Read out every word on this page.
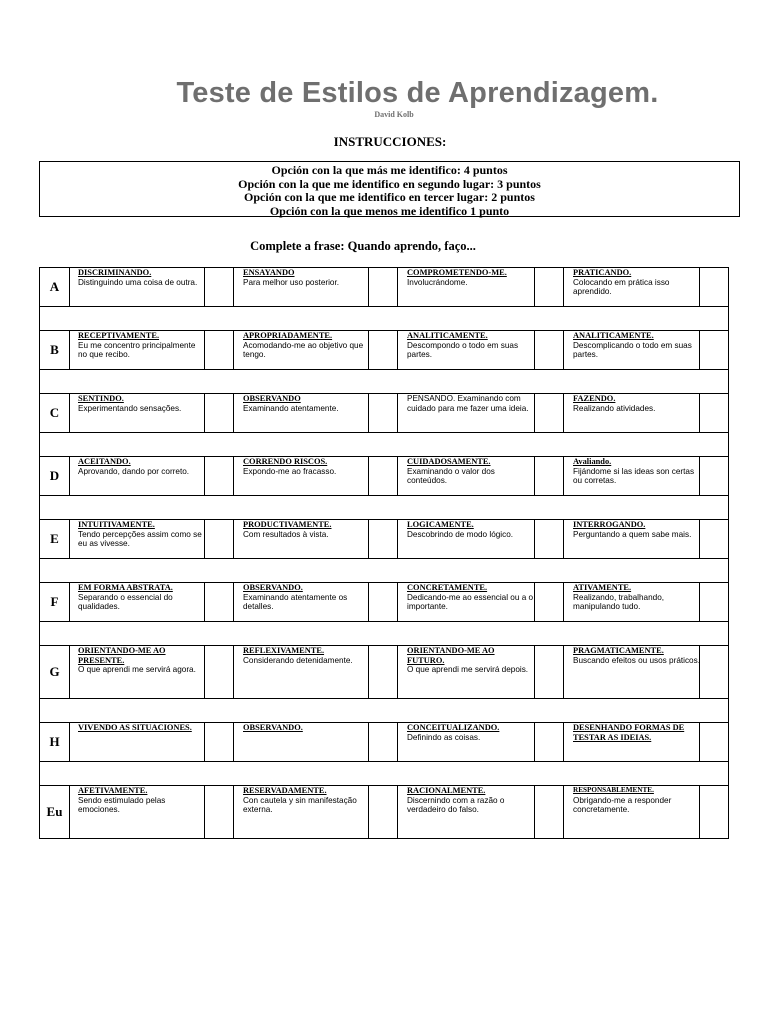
Teste de Estilos de Aprendizagem.
David Kolb
INSTRUCCIONES:
Opción con la que más me identifico: 4 puntos
Opción con la que me identifico en segundo lugar: 3 puntos
Opción con la que me identifico en tercer lugar: 2 puntos
Opción con la que menos me identifico 1 punto
Complete a frase: Quando aprendo, faço...
A
DISCRIMINANDO.
Distinguindo uma coisa de outra.
ENSAYANDO
Para melhor uso posterior.
COMPROMETENDO-ME.
Involucrándome.
PRATICANDO.
Colocando em prática isso aprendido.
B
RECEPTIVAMENTE.
Eu me concentro principalmente no que recibo.
APROPRIADAMENTE.
Acomodando-me ao objetivo que tengo.
ANALITICAMENTE.
Descompondo o todo em suas partes.
ANALITICAMENTE.
Descomplicando o todo em suas partes.
C
SENTINDO.
Experimentando sensações.
OBSERVANDO
Examinando atentamente.
PENSANDO. Examinando com cuidado para me fazer uma ideia.
FAZENDO.
Realizando atividades.
D
ACEITANDO.
Aprovando, dando por correto.
CORRENDO RISCOS.
Expondo-me ao fracasso.
CUIDADOSAMENTE.
Examinando o valor dos conteúdos.
Avaliando.
Fijándome si las ideas son certas ou corretas.
E
INTUITIVAMENTE.
Tendo percepções assim como se eu as vivesse.
PRODUCTIVAMENTE.
Com resultados à vista.
LOGICAMENTE.
Descobrindo de modo lógico.
INTERROGANDO.
Perguntando a quem sabe mais.
F
EM FORMA ABSTRATA.
Separando o essencial do qualidades.
OBSERVANDO.
Examinando atentamente os detalles.
CONCRETAMENTE.
Dedicando-me ao essencial ou a o importante.
ATIVAMENTE.
Realizando, trabalhando, manipulando tudo.
G
ORIENTANDO-ME AO PRESENTE.
O que aprendi me servirá agora.
REFLEXIVAMENTE.
Considerando detenidamente.
ORIENTANDO-ME AO FUTURO.
O que aprendi me servirá depois.
PRAGMATICAMENTE.
Buscando efeitos ou usos práticos.
H
VIVENDO AS SITUACIONES.	OBSERVANDO.	CONCEITUALIZANDO.
Definindo as coisas.
DESENHANDO FORMAS DE TESTAR AS IDEIAS.
Eu
AFETIVAMENTE.
Sendo estimulado pelas emociones.
RESERVADAMENTE.
Con cautela y sin manifestação externa.
RACIONALMENTE.
Discernindo com a razão o verdadeiro do falso.
RESPONSABLEMENTE.
Obrigando-me a responder concretamente.
